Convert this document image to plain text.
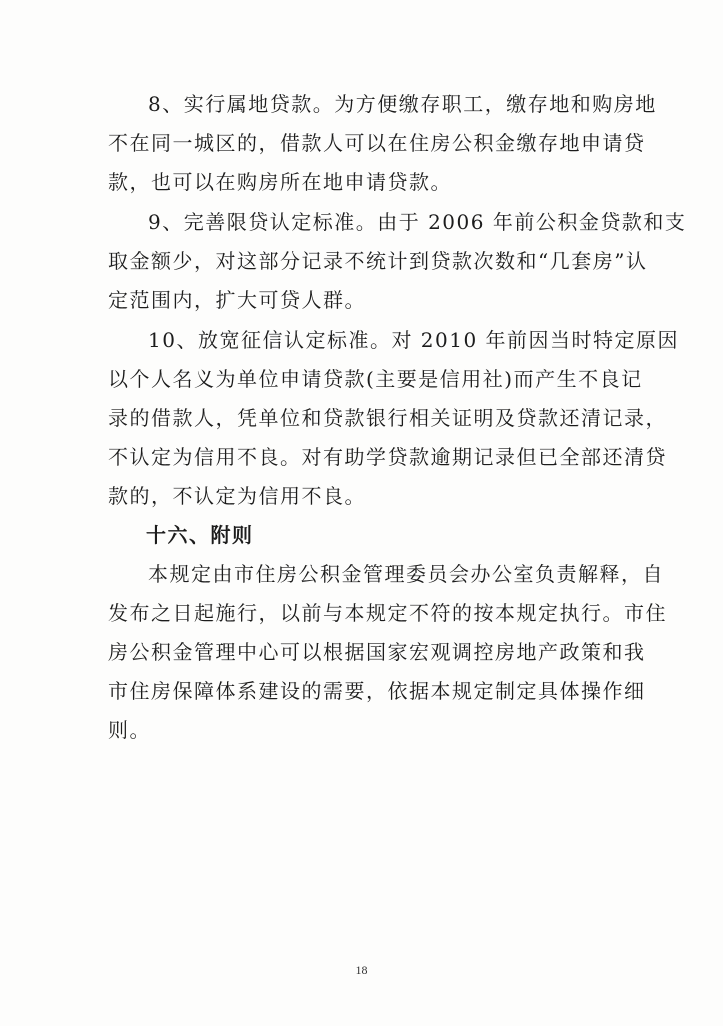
8、实行属地贷款。为方便缴存职工，缴存地和购房地
不在同一城区的，借款人可以在住房公积金缴存地申请贷
款，也可以在购房所在地申请贷款。
9、完善限贷认定标准。由于 2006 年前公积金贷款和支
取金额少，对这部分记录不统计到贷款次数和“几套房”认
定范围内，扩大可贷人群。
10、放宽征信认定标准。对 2010 年前因当时特定原因
以个人名义为单位申请贷款(主要是信用社)而产生不良记
录的借款人，凭单位和贷款银行相关证明及贷款还清记录，
不认定为信用不良。对有助学贷款逾期记录但已全部还清贷
款的，不认定为信用不良。
十六、附则
本规定由市住房公积金管理委员会办公室负责解释，自
发布之日起施行，以前与本规定不符的按本规定执行。市住
房公积金管理中心可以根据国家宏观调控房地产政策和我
市住房保障体系建设的需要，依据本规定制定具体操作细
则。
18
